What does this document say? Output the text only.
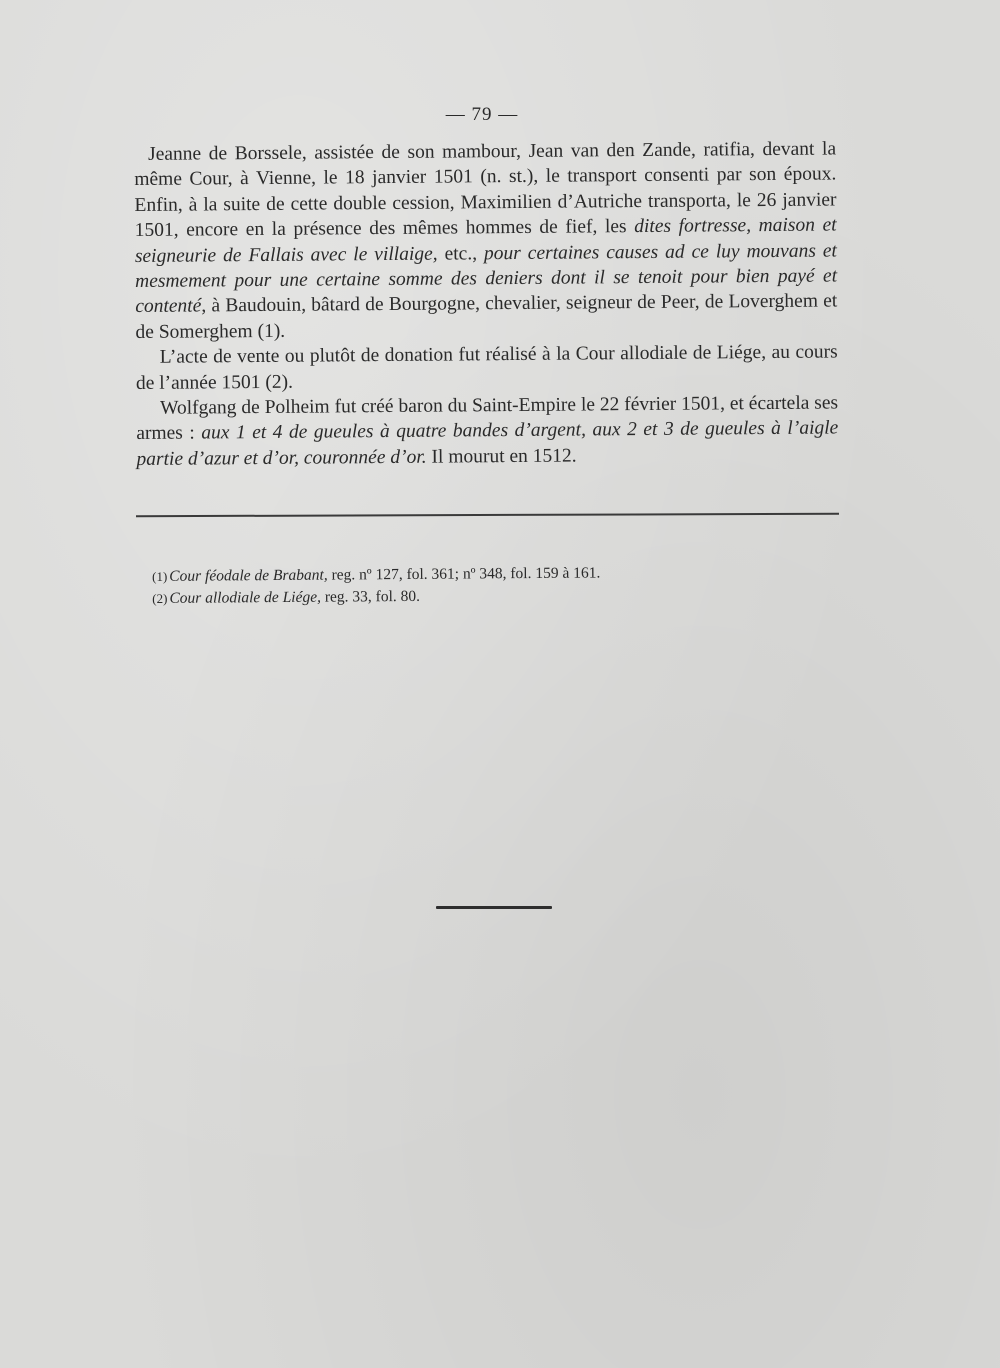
— 79 —

Jeanne de Borssele, assistée de son mambour, Jean van den Zande, ratifia, devant la même Cour, à Vienne, le 18 janvier 1501 (n. st.), le transport consenti par son époux. Enfin, à la suite de cette double cession, Maximilien d’Autriche transporta, le 26 janvier 1501, encore en la présence des mêmes hommes de fief, les dites fortresse, maison et seigneurie de Fallais avec le villaige, etc., pour certaines causes ad ce luy mouvans et mesmement pour une certaine somme des deniers dont il se tenoit pour bien payé et contenté, à Baudouin, bâtard de Bourgogne, chevalier, seigneur de Peer, de Loverghem et de Somerghem (1).

L’acte de vente ou plutôt de donation fut réalisé à la Cour allodiale de Liége, au cours de l’année 1501 (2).

Wolfgang de Polheim fut créé baron du Saint-Empire le 22 février 1501, et écartela ses armes : aux 1 et 4 de gueules à quatre bandes d’argent, aux 2 et 3 de gueules à l’aigle partie d’azur et d’or, couronnée d’or. Il mourut en 1512.

(1) Cour féodale de Brabant, reg. nº 127, fol. 361; nº 348, fol. 159 à 161.

(2) Cour allodiale de Liége, reg. 33, fol. 80.
